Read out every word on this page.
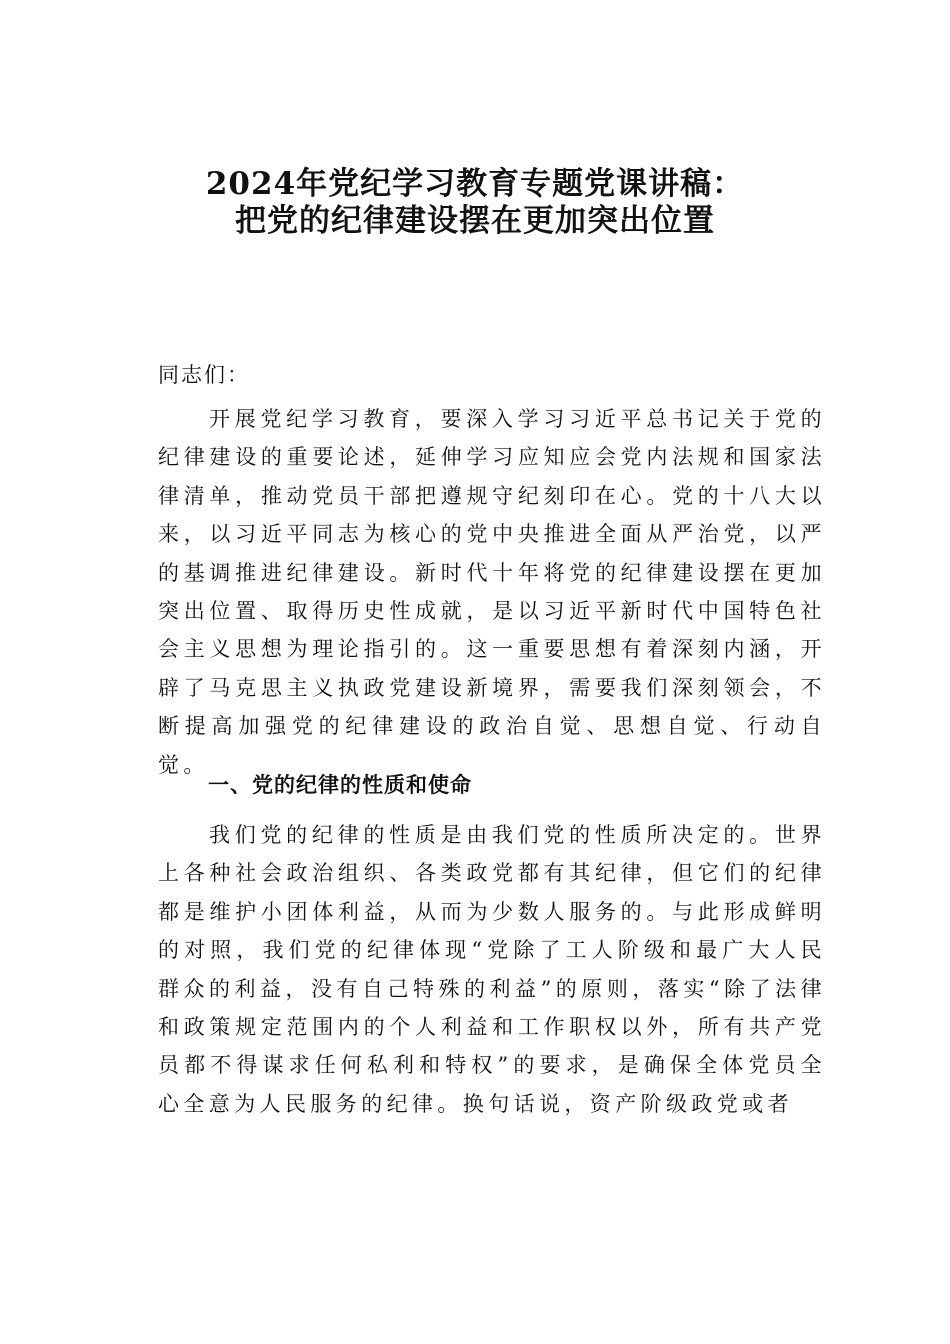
2024年党纪学习教育专题党课讲稿：
把党的纪律建设摆在更加突出位置

同志们：

开展党纪学习教育，要深入学习习近平总书记关于党的纪律建设的重要论述，延伸学习应知应会党内法规和国家法律清单，推动党员干部把遵规守纪刻印在心。党的十八大以来，以习近平同志为核心的党中央推进全面从严治党，以严的基调推进纪律建设。新时代十年将党的纪律建设摆在更加突出位置、取得历史性成就，是以习近平新时代中国特色社会主义思想为理论指引的。这一重要思想有着深刻内涵，开辟了马克思主义执政党建设新境界，需要我们深刻领会，不断提高加强党的纪律建设的政治自觉、思想自觉、行动自觉。

一、党的纪律的性质和使命

我们党的纪律的性质是由我们党的性质所决定的。世界上各种社会政治组织、各类政党都有其纪律，但它们的纪律都是维护小团体利益，从而为少数人服务的。与此形成鲜明的对照，我们党的纪律体现“党除了工人阶级和最广大人民群众的利益，没有自己特殊的利益”的原则，落实“除了法律和政策规定范围内的个人利益和工作职权以外，所有共产党员都不得谋求任何私利和特权”的要求，是确保全体党员全心全意为人民服务的纪律。换句话说，资产阶级政党或者
